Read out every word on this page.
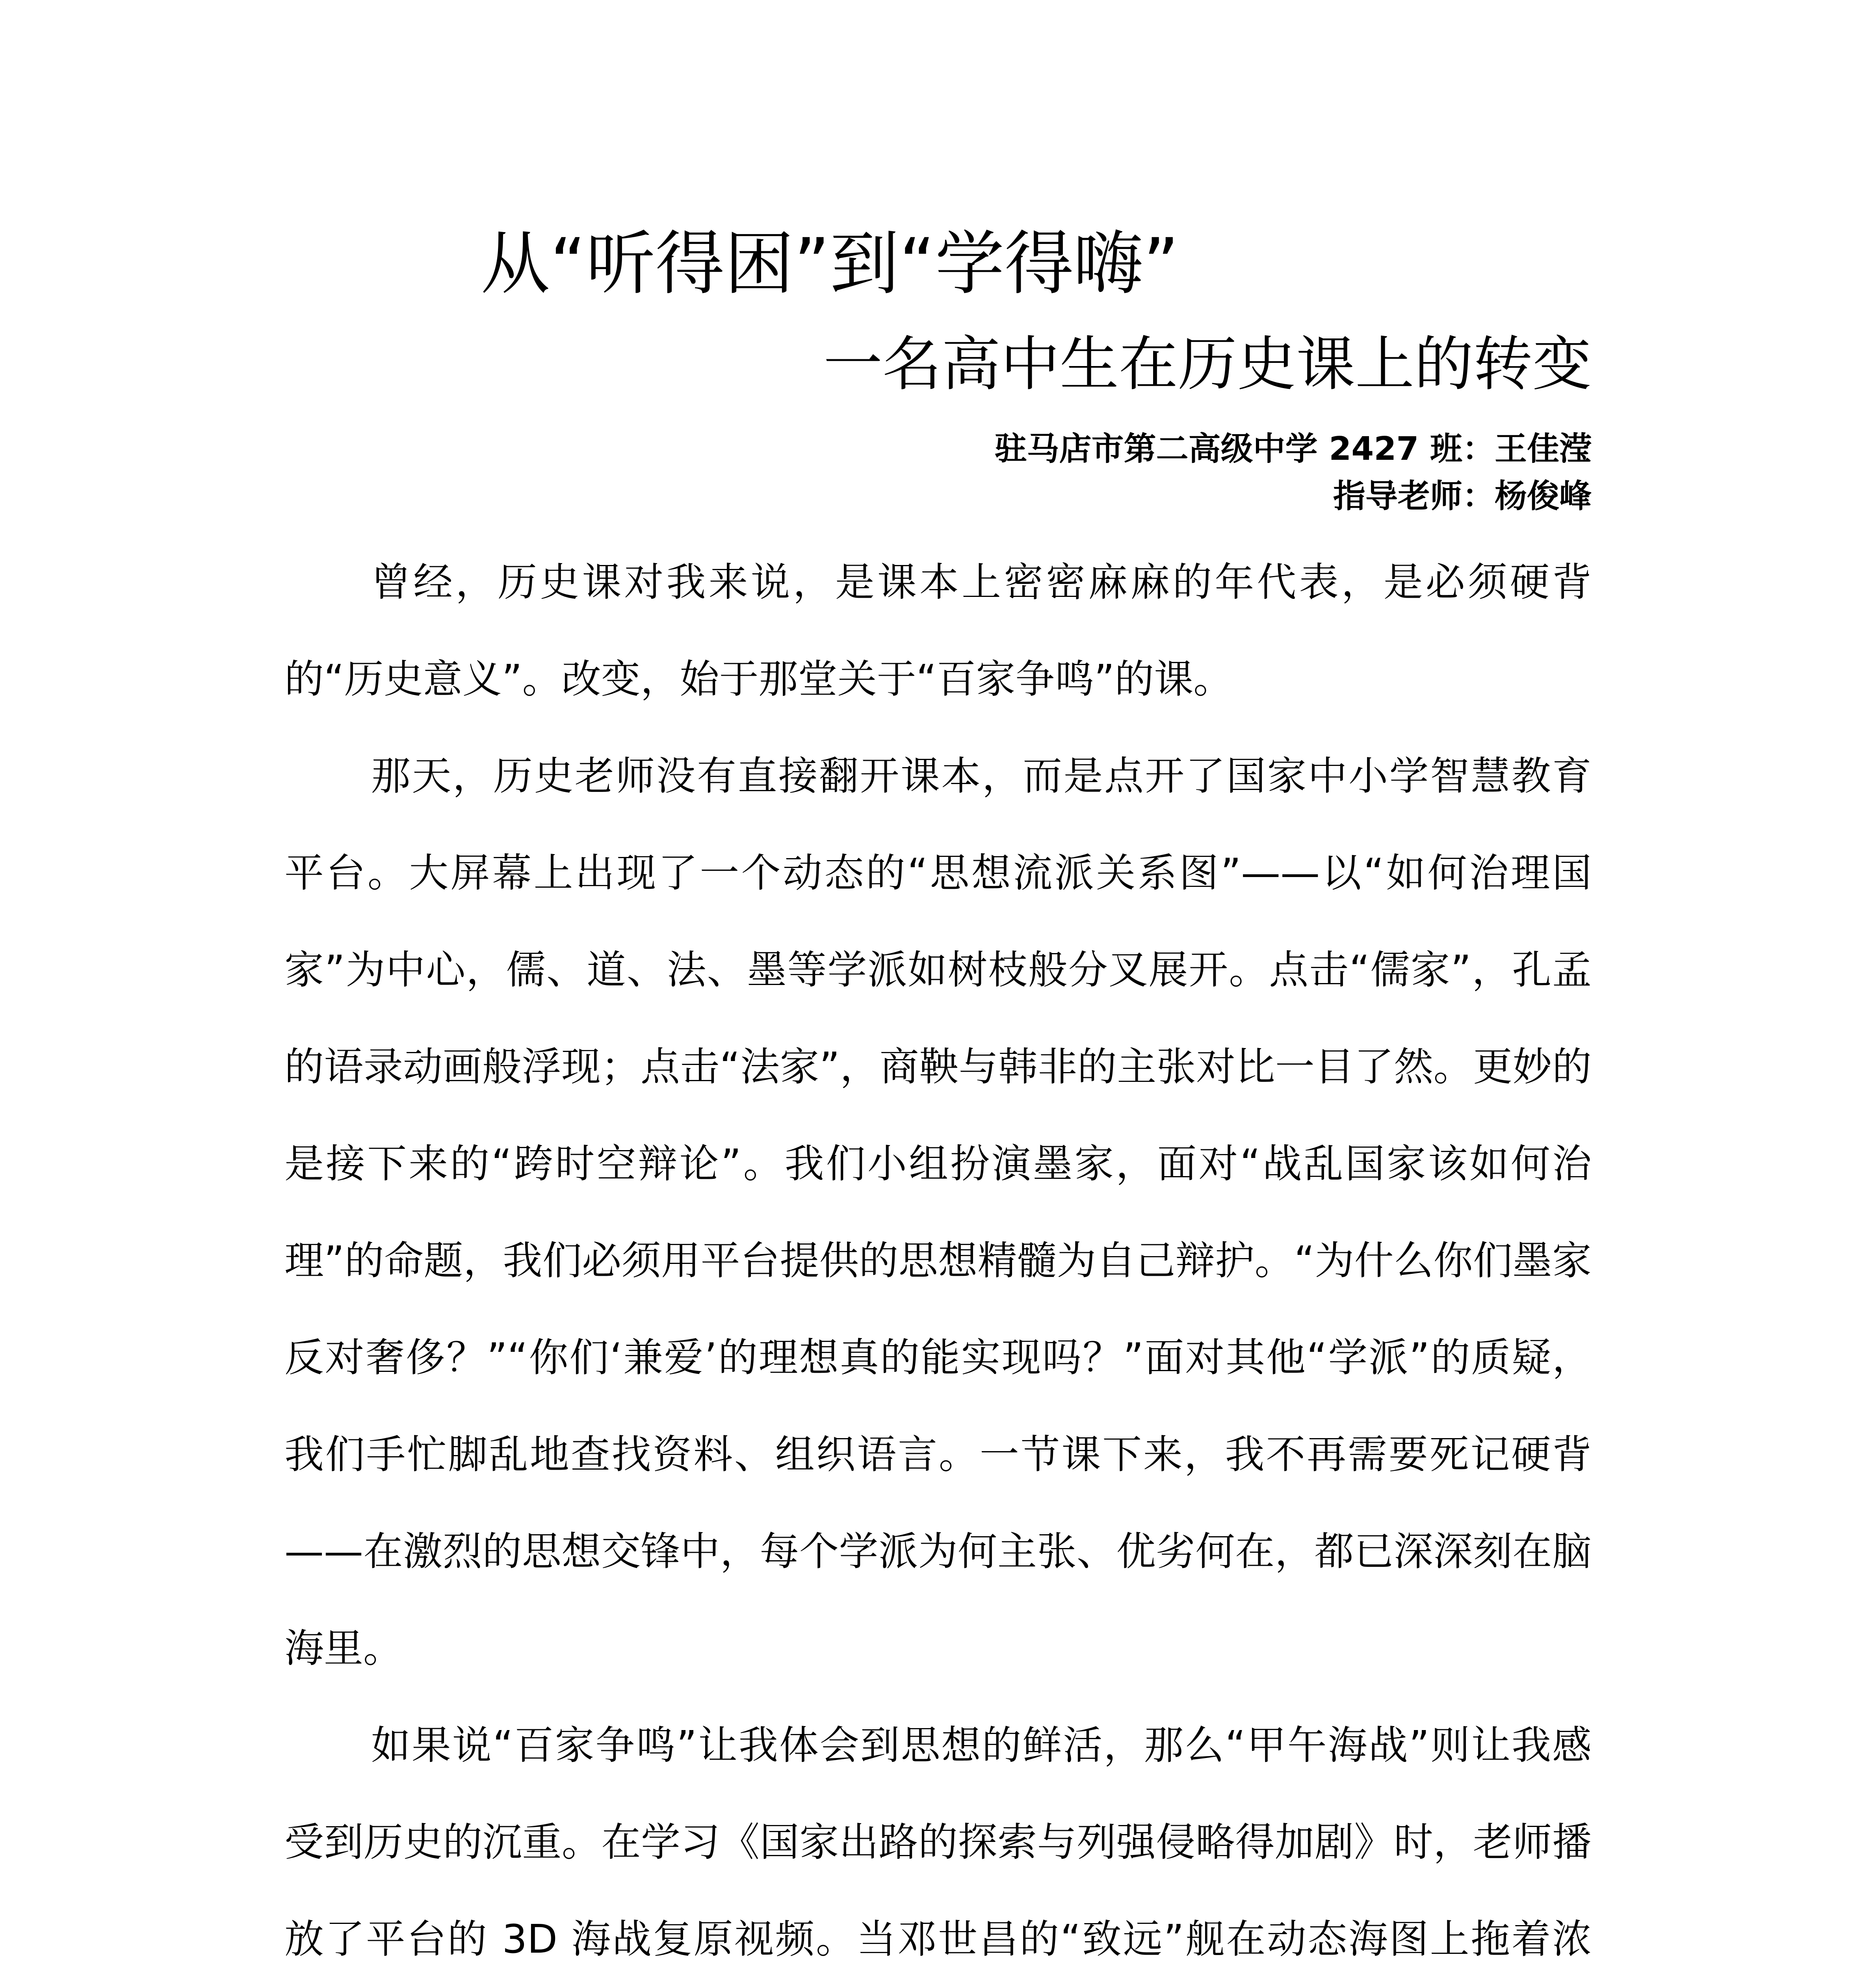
从“听得困”到“学得嗨”
一名高中生在历史课上的转变
驻马店市第二高级中学 2427 班：王佳滢
指导老师：杨俊峰

曾经，历史课对我来说，是课本上密密麻麻的年代表，是必须硬背的“历史意义”。改变，始于那堂关于“百家争鸣”的课。

那天，历史老师没有直接翻开课本，而是点开了国家中小学智慧教育平台。大屏幕上出现了一个动态的“思想流派关系图”——以“如何治理国家”为中心，儒、道、法、墨等学派如树枝般分叉展开。点击“儒家”，孔孟的语录动画般浮现；点击“法家”，商鞅与韩非的主张对比一目了然。更妙的是接下来的“跨时空辩论”。我们小组扮演墨家，面对“战乱国家该如何治理”的命题，我们必须用平台提供的思想精髓为自己辩护。“为什么你们墨家反对奢侈？”“你们‘兼爱’的理想真的能实现吗？”面对其他“学派”的质疑，我们手忙脚乱地查找资料、组织语言。一节课下来，我不再需要死记硬背——在激烈的思想交锋中，每个学派为何主张、优劣何在，都已深深刻在脑海里。

如果说“百家争鸣”让我体会到思想的鲜活，那么“甲午海战”则让我感受到历史的沉重。在学习《国家出路的探索与列强侵略得加剧》时，老师播放了平台的 3D 海战复原视频。当邓世昌的“致远”舰在动态海图上拖着浓
